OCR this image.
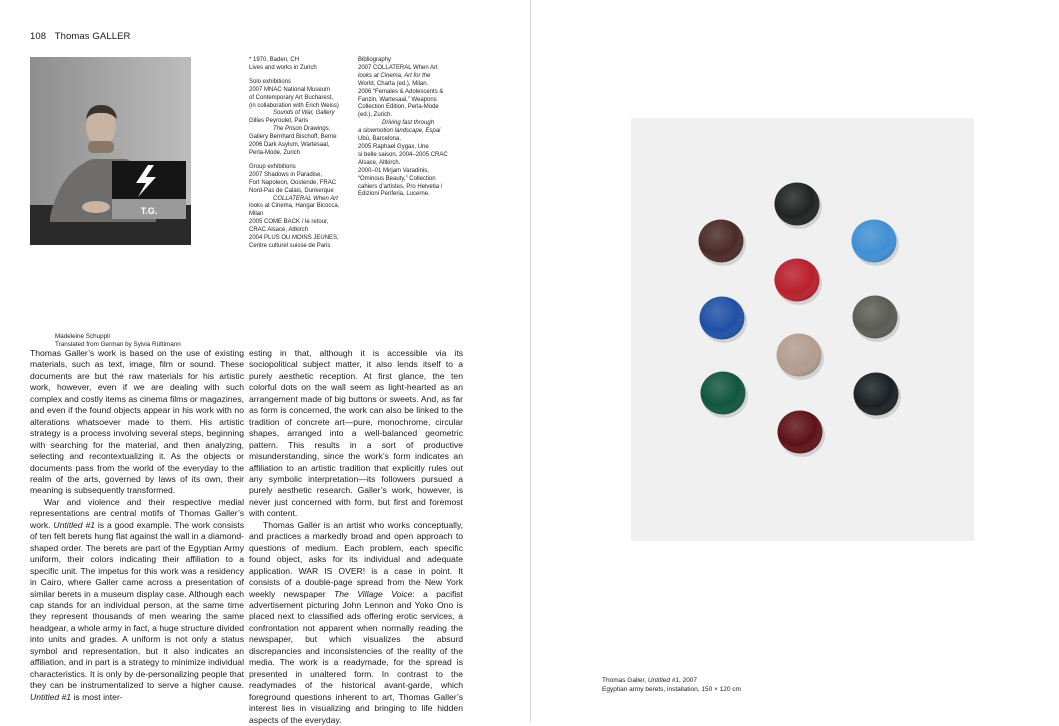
108 Thomas GALLER
T.G.

* 1970, Baden, CH

Lives and works in Zurich

Solo exhibitions

2007 MNAC National Museum

of Contemporary Art Bucharest,

(in collaboration with Erich Weiss)

Sounds of War, Gallery

Gilles Peyroulet, Paris

The Prison Drawings,

Gallery Bernhard Bischoff, Berne

2006 Dark Asylum, Wartesaal,

Perla-Mode, Zurich

Group exhibitions

2007 Shadows in Paradise,

Fort Napoleon, Oostende, FRAC

Nord-Pas de Calais, Dunkerque

COLLATERAL When Art

looks at Cinema, Hangar Bicocca,

Milan

2005 COME BACK / le retour,

CRAC Alsace, Altkirch

2004 PLUS OU MOINS JEUNES,

Centre culturel suisse de Paris

Bibliography

2007 COLLATERAL When Art

looks at Cinema, Art for the

World, Charta (ed.), Milan.

2006 “Females & Adolescents &

Fanzin, Wartesaal,” Weapons

Collection Edition, Perla-Mode

(ed.), Zurich.

Driving fast through

a slowmotion landscape, Espai

Ubú, Barcelona.

2005 Raphael Gygax, Une

si belle saison, 2004–2005 CRAC

Alsace, Altkirch.

2000–01 Mirjam Varadinis,

“Ominous Beauty,” Collection

cahiers d’artistes, Pro Helvetia /

Edizioni Periferia, Lucerne.

Madeleine Schuppli

Translated from German by Sylvia Rüttimann

Thomas Galler’s work is based on the use of existing materials, such as text, image, film or sound. These documents are but the raw materials for his artistic work, however, even if we are dealing with such complex and costly items as cinema films or magazines, and even if the found objects appear in his work with no alterations whatsoever made to them. His artistic strategy is a process involving several steps, beginning with searching for the material, and then analyzing, selecting and recontextualizing it. As the objects or documents pass from the world of the everyday to the realm of the arts, governed by laws of its own, their meaning is subsequently transformed.

War and violence and their respective medial representations are central motifs of Thomas Galler’s work. Untitled #1 is a good example. The work consists of ten felt berets hung flat against the wall in a diamond-shaped order. The berets are part of the Egyptian Army uniform, their colors indicating their affiliation to a specific unit. The impetus for this work was a residency in Cairo, where Galler came across a presentation of similar berets in a museum display case. Although each cap stands for an individual person, at the same time they represent thousands of men wearing the same headgear, a whole army in fact, a huge structure divided into units and grades. A uniform is not only a status symbol and representation, but it also indicates an affiliation, and in part is a strategy to minimize individual characteristics. It is only by de-personalizing people that they can be instrumentalized to serve a higher cause. Untitled #1 is most inter-

esting in that, although it is accessible via its sociopolitical subject matter, it also lends itself to a purely aesthetic reception. At first glance, the ten colorful dots on the wall seem as light-hearted as an arrangement made of big buttons or sweets. And, as far as form is concerned, the work can also be linked to the tradition of concrete art—pure, monochrome, circular shapes, arranged into a well-balanced geometric pattern. This results in a sort of productive misunderstanding, since the work’s form indicates an affiliation to an artistic tradition that explicitly rules out any symbolic interpretation—its followers pursued a purely aesthetic research. Galler’s work, however, is never just concerned with form, but first and foremost with content.

Thomas Galler is an artist who works conceptually, and practices a markedly broad and open approach to questions of medium. Each problem, each specific found object, asks for its individual and adequate application. WAR IS OVER! is a case in point. It consists of a double-page spread from the New York weekly newspaper The Village Voice: a pacifist advertisement picturing John Lennon and Yoko Ono is placed next to classified ads offering erotic services, a confrontation not apparent when normally reading the newspaper, but which visualizes the absurd discrepancies and inconsistencies of the reality of the media. The work is a readymade, for the spread is presented in unaltered form. In contrast to the readymades of the historical avant-garde, which foreground questions inherent to art, Thomas Galler’s interest lies in visualizing and bringing to life hidden aspects of the everyday.

Thomas Galler, Untitled #1, 2007

Egyptian army berets, installation, 150 × 120 cm
